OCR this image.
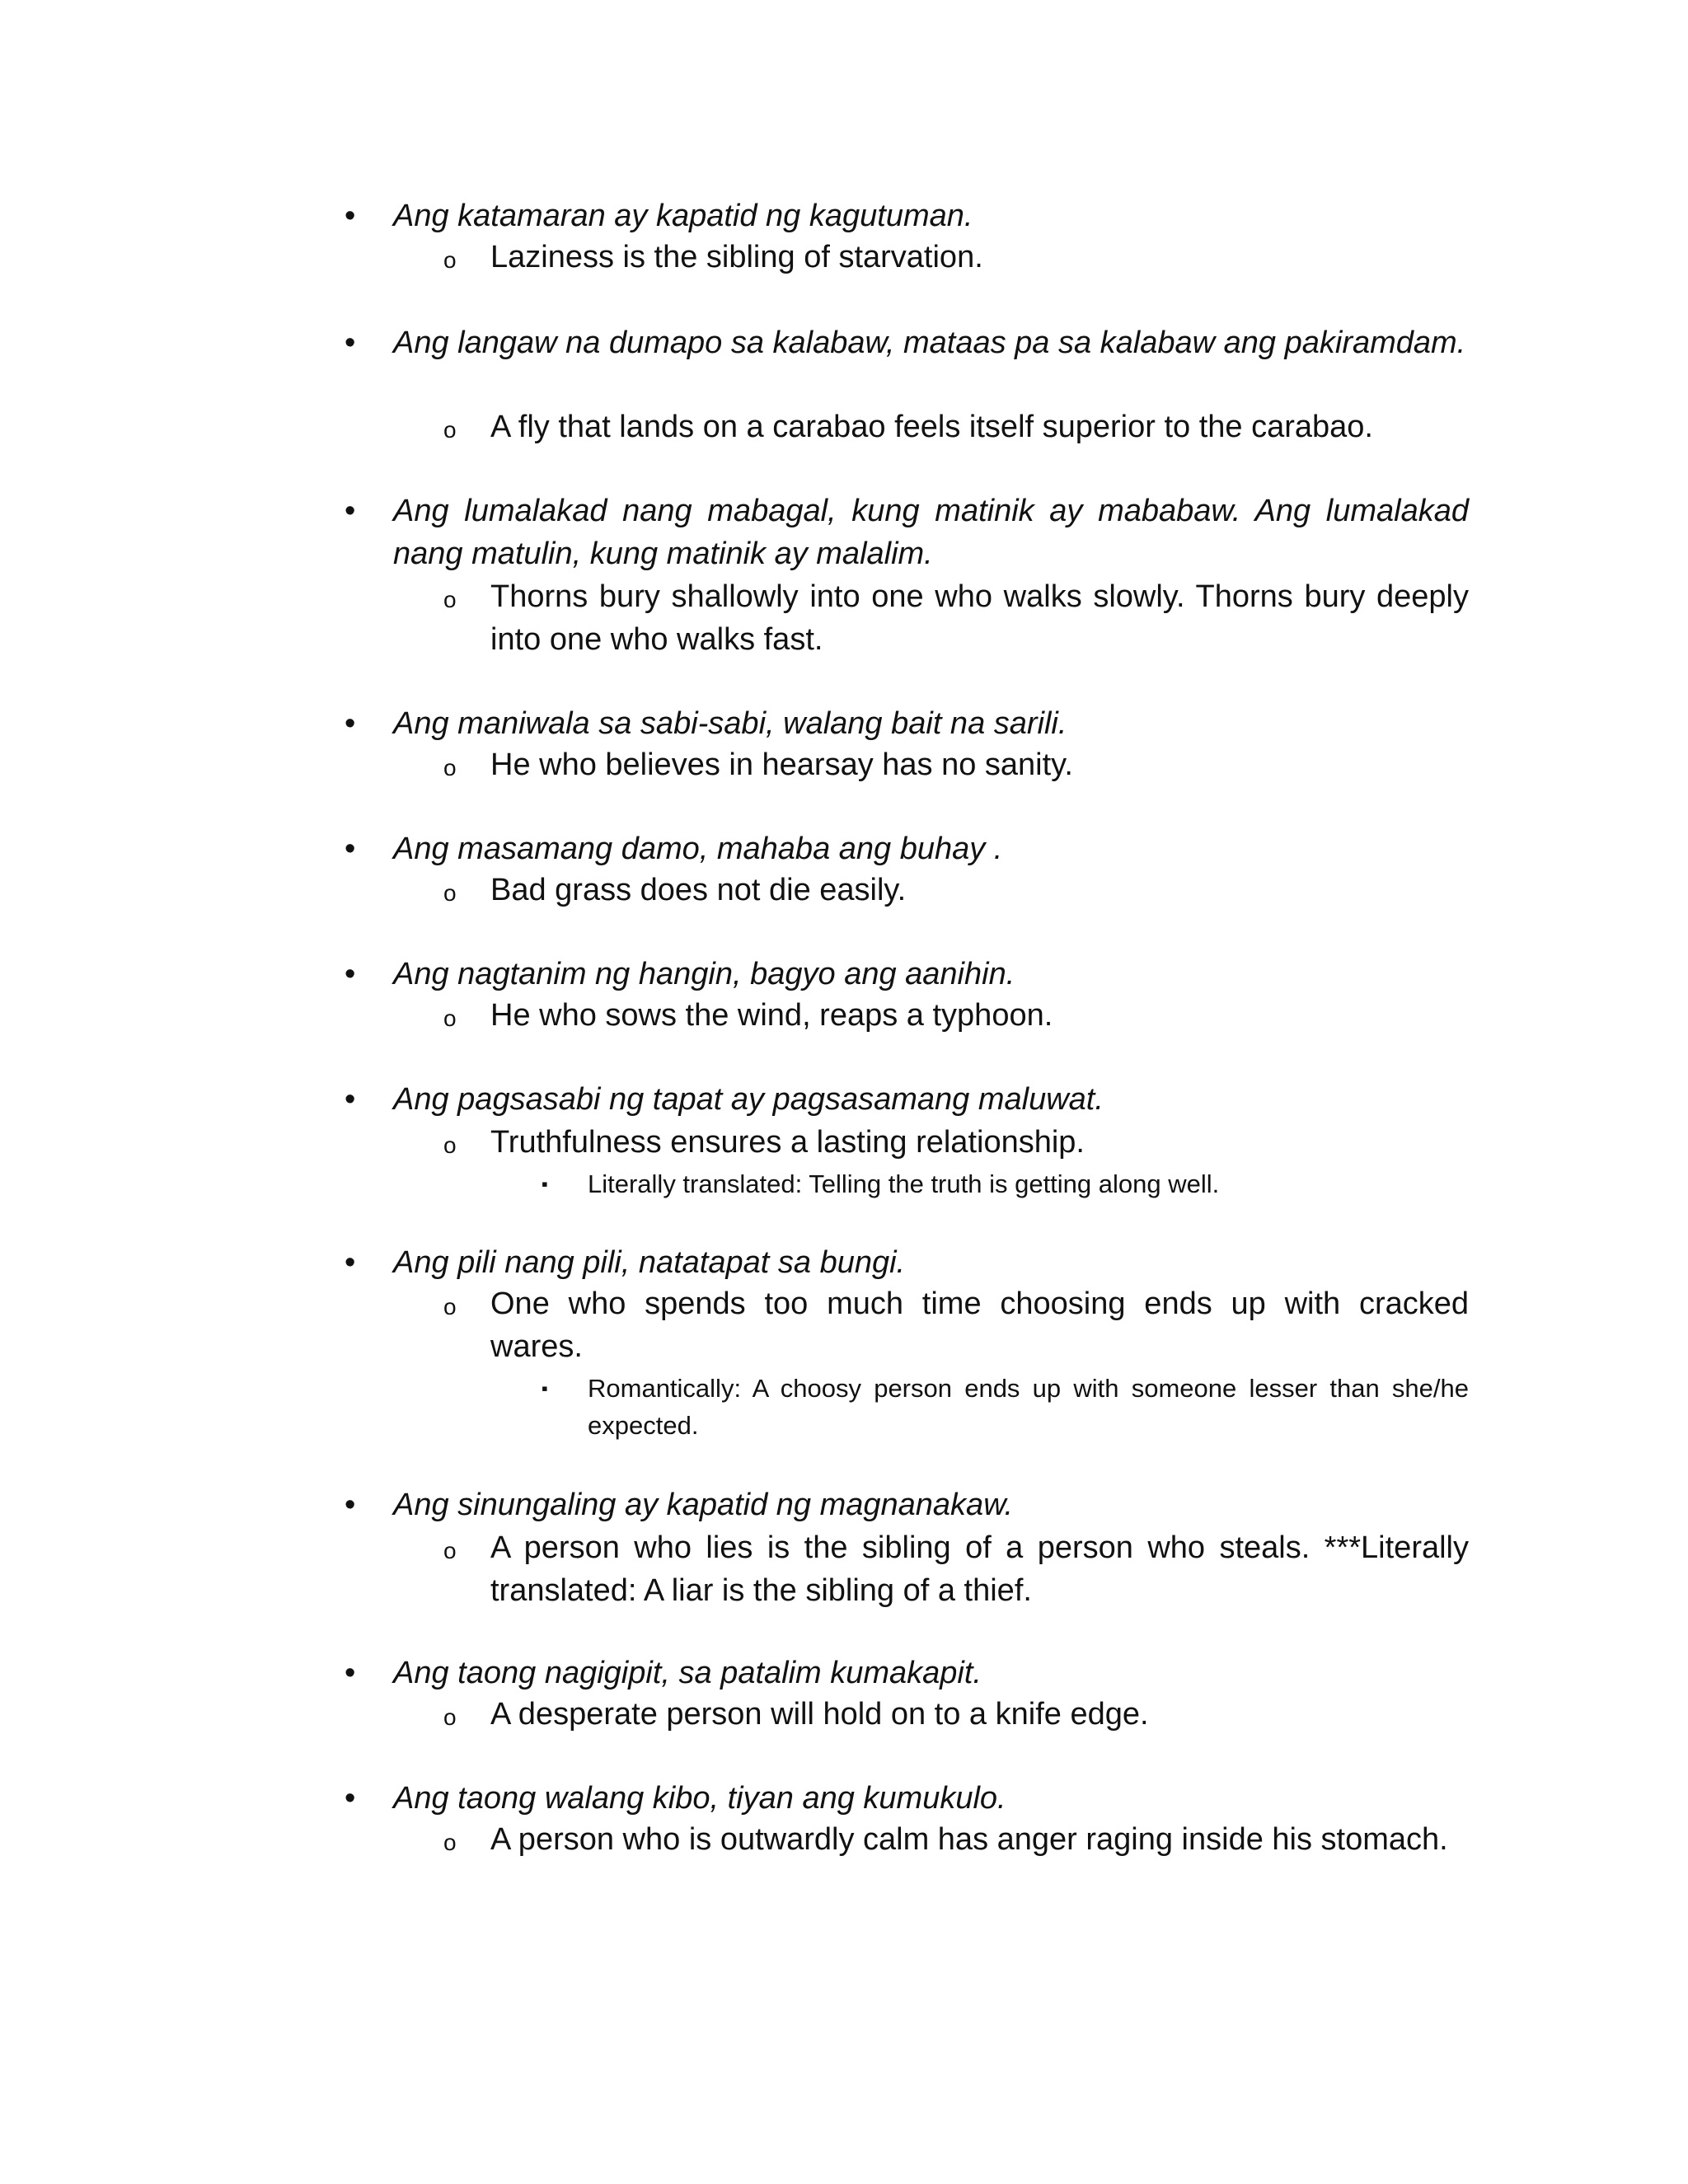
• Ang katamaran ay kapatid ng kagutuman.
o Laziness is the sibling of starvation.
• Ang langaw na dumapo sa kalabaw, mataas pa sa kalabaw ang pakiramdam.
o A fly that lands on a carabao feels itself superior to the carabao.
• Ang lumalakad nang mabagal, kung matinik ay mababaw. Ang lumalakad nang matulin, kung matinik ay malalim.
o Thorns bury shallowly into one who walks slowly. Thorns bury deeply into one who walks fast.
• Ang maniwala sa sabi-sabi, walang bait na sarili.
o He who believes in hearsay has no sanity.
• Ang masamang damo, mahaba ang buhay .
o Bad grass does not die easily.
• Ang nagtanim ng hangin, bagyo ang aanihin.
o He who sows the wind, reaps a typhoon.
• Ang pagsasabi ng tapat ay pagsasamang maluwat.
o Truthfulness ensures a lasting relationship.
▪ Literally translated: Telling the truth is getting along well.
• Ang pili nang pili, natatapat sa bungi.
o One who spends too much time choosing ends up with cracked wares.
▪ Romantically: A choosy person ends up with someone lesser than she/he expected.
• Ang sinungaling ay kapatid ng magnanakaw.
o A person who lies is the sibling of a person who steals. ***Literally translated: A liar is the sibling of a thief.
• Ang taong nagigipit, sa patalim kumakapit.
o A desperate person will hold on to a knife edge.
• Ang taong walang kibo, tiyan ang kumukulo.
o A person who is outwardly calm has anger raging inside his stomach.
